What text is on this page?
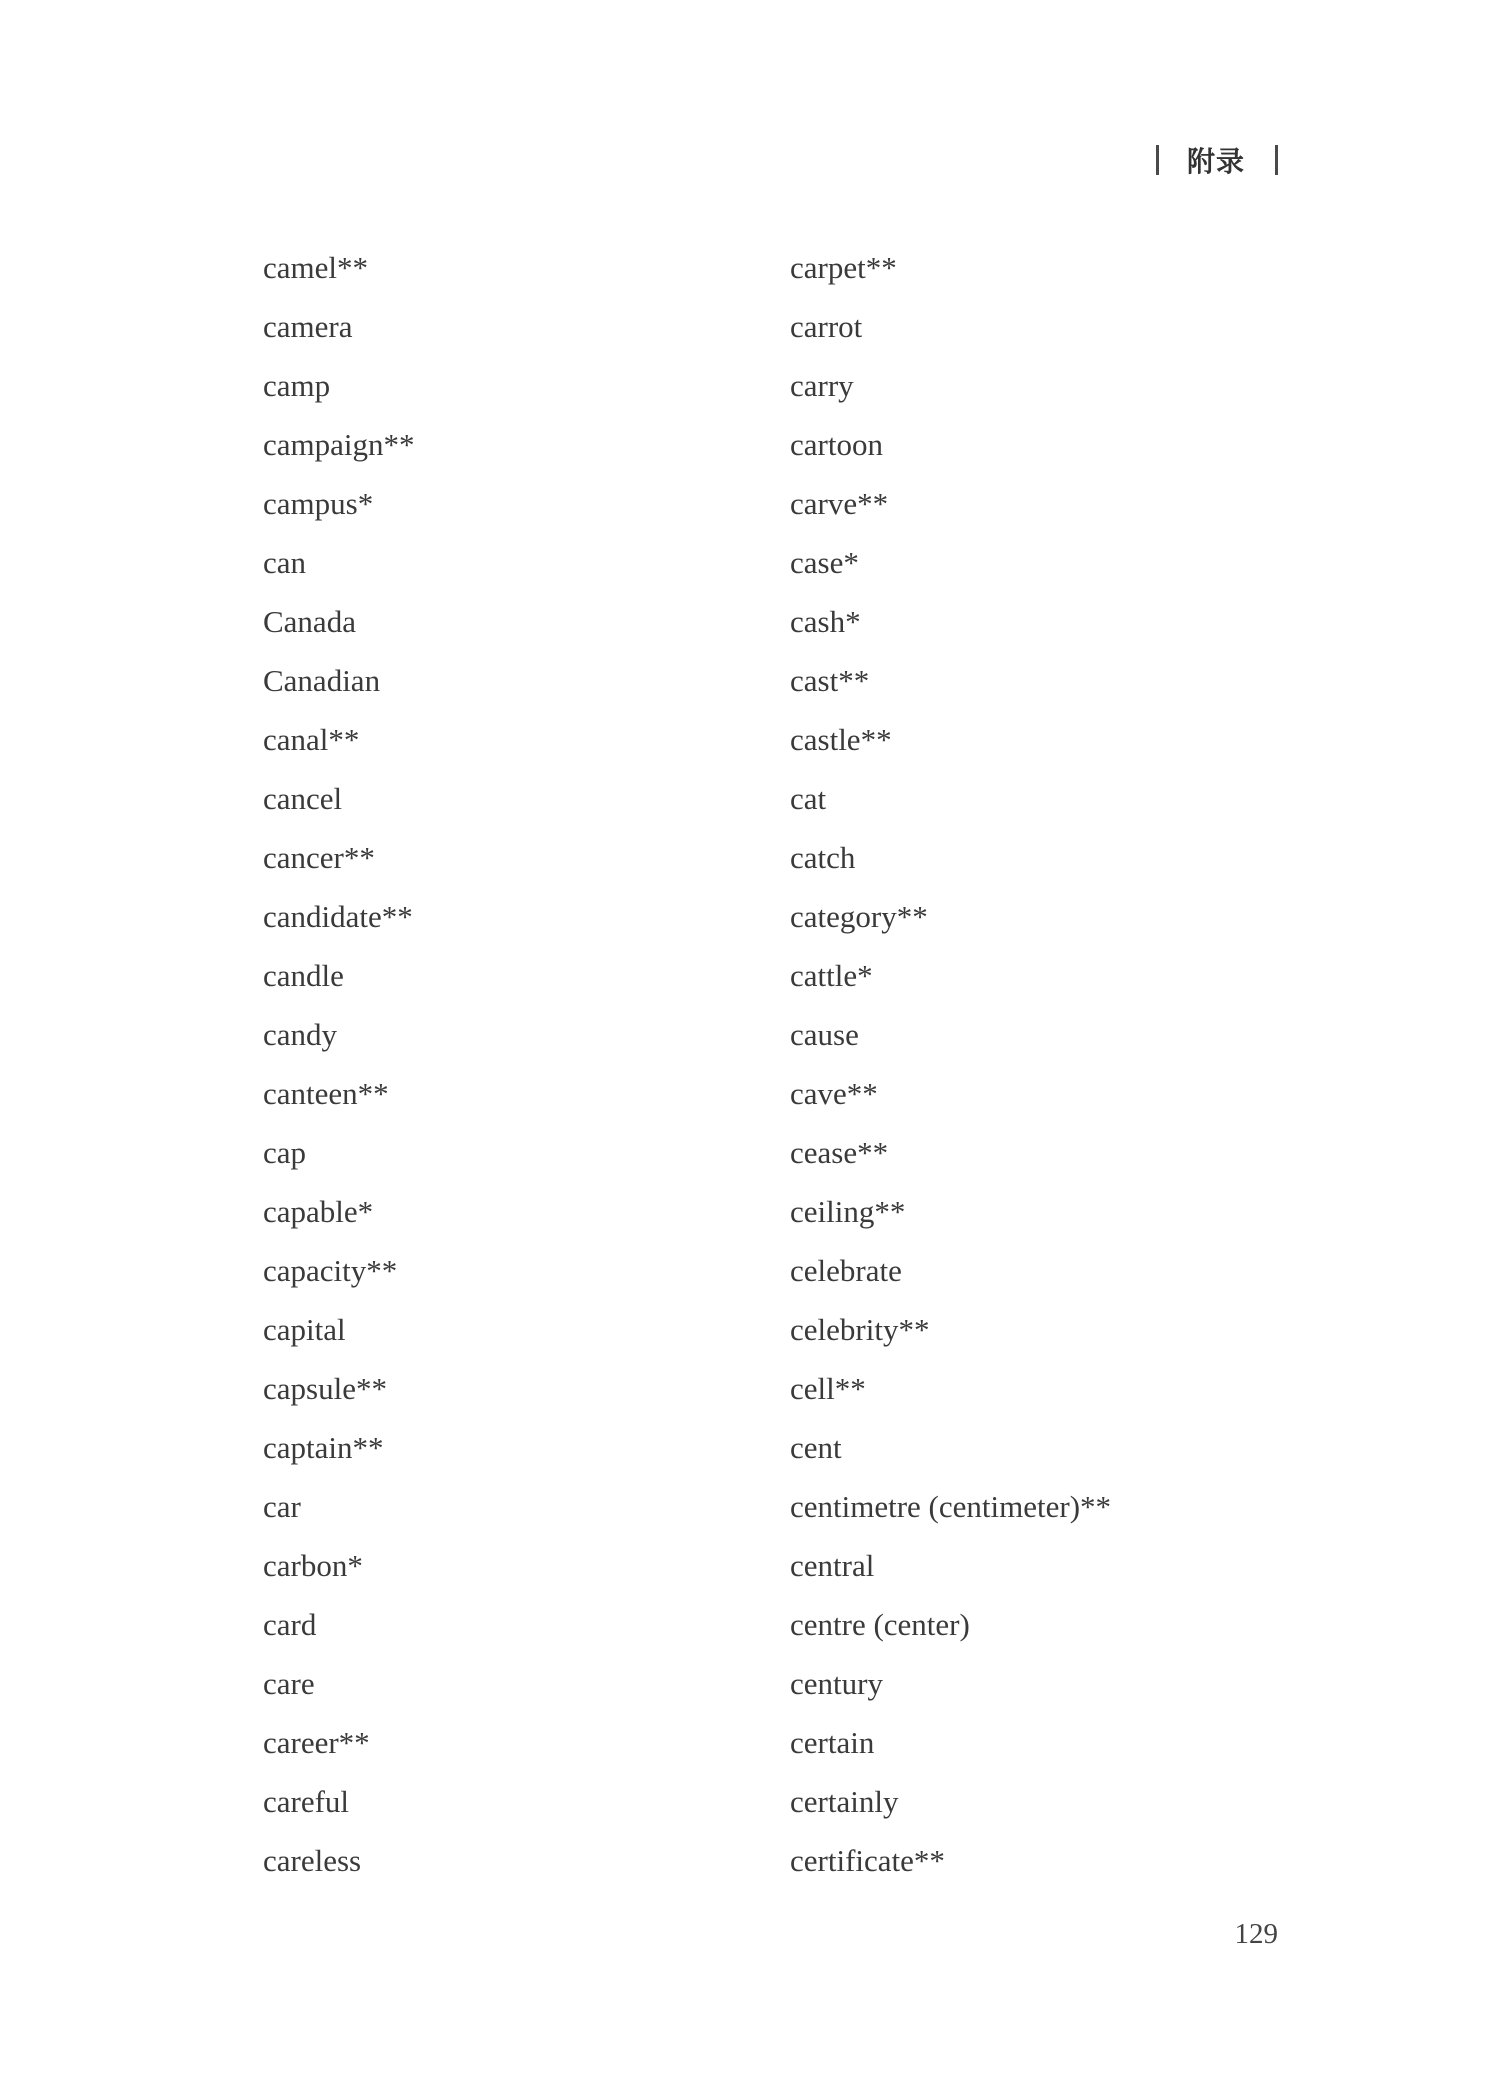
附录
camel**
camera
camp
campaign**
campus*
can
Canada
Canadian
canal**
cancel
cancer**
candidate**
candle
candy
canteen**
cap
capable*
capacity**
capital
capsule**
captain**
car
carbon*
card
care
career**
careful
careless
carpet**
carrot
carry
cartoon
carve**
case*
cash*
cast**
castle**
cat
catch
category**
cattle*
cause
cave**
cease**
ceiling**
celebrate
celebrity**
cell**
cent
centimetre (centimeter)**
central
centre (center)
century
certain
certainly
certificate**
129
